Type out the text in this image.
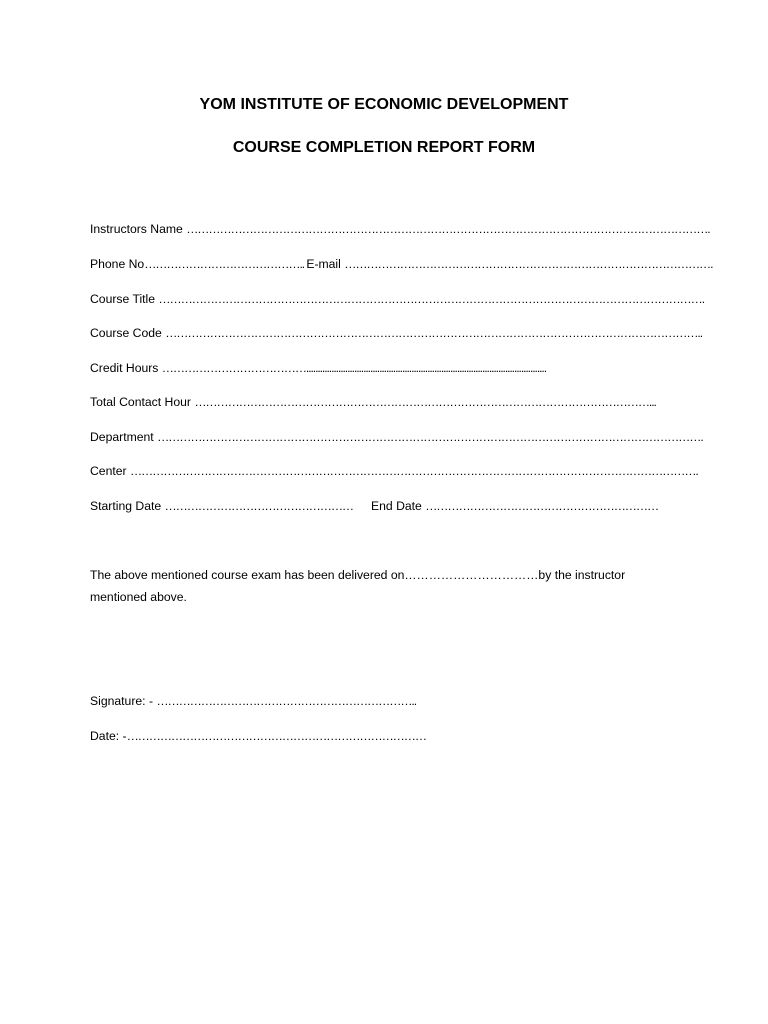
YOM INSTITUTE OF ECONOMIC DEVELOPMENT
COURSE COMPLETION REPORT FORM
Instructors Name …………………………………………………………………………………………………………………………….
Phone No…………………………………….. E-mail ……………………………………………………………………………………….
Course Title ………………………………………………………………………………………………………………………………….
Course Code ………………………………………………………………………………………………………………………………..
Credit Hours ………………………………….........................................................................................................
Total Contact Hour ……………………………………………………………………………………………………………...
Department ………………………………………………………………………………………………………………………………….
Center ……………………………………………………………………………………………………………………………………….
Starting Date …………………………………………… End Date ………………………………………………………
The above mentioned course exam has been delivered on……………………………by the instructor
mentioned above.
Signature: - ……………………………………………………………..
Date: -………………………………………………………………………
